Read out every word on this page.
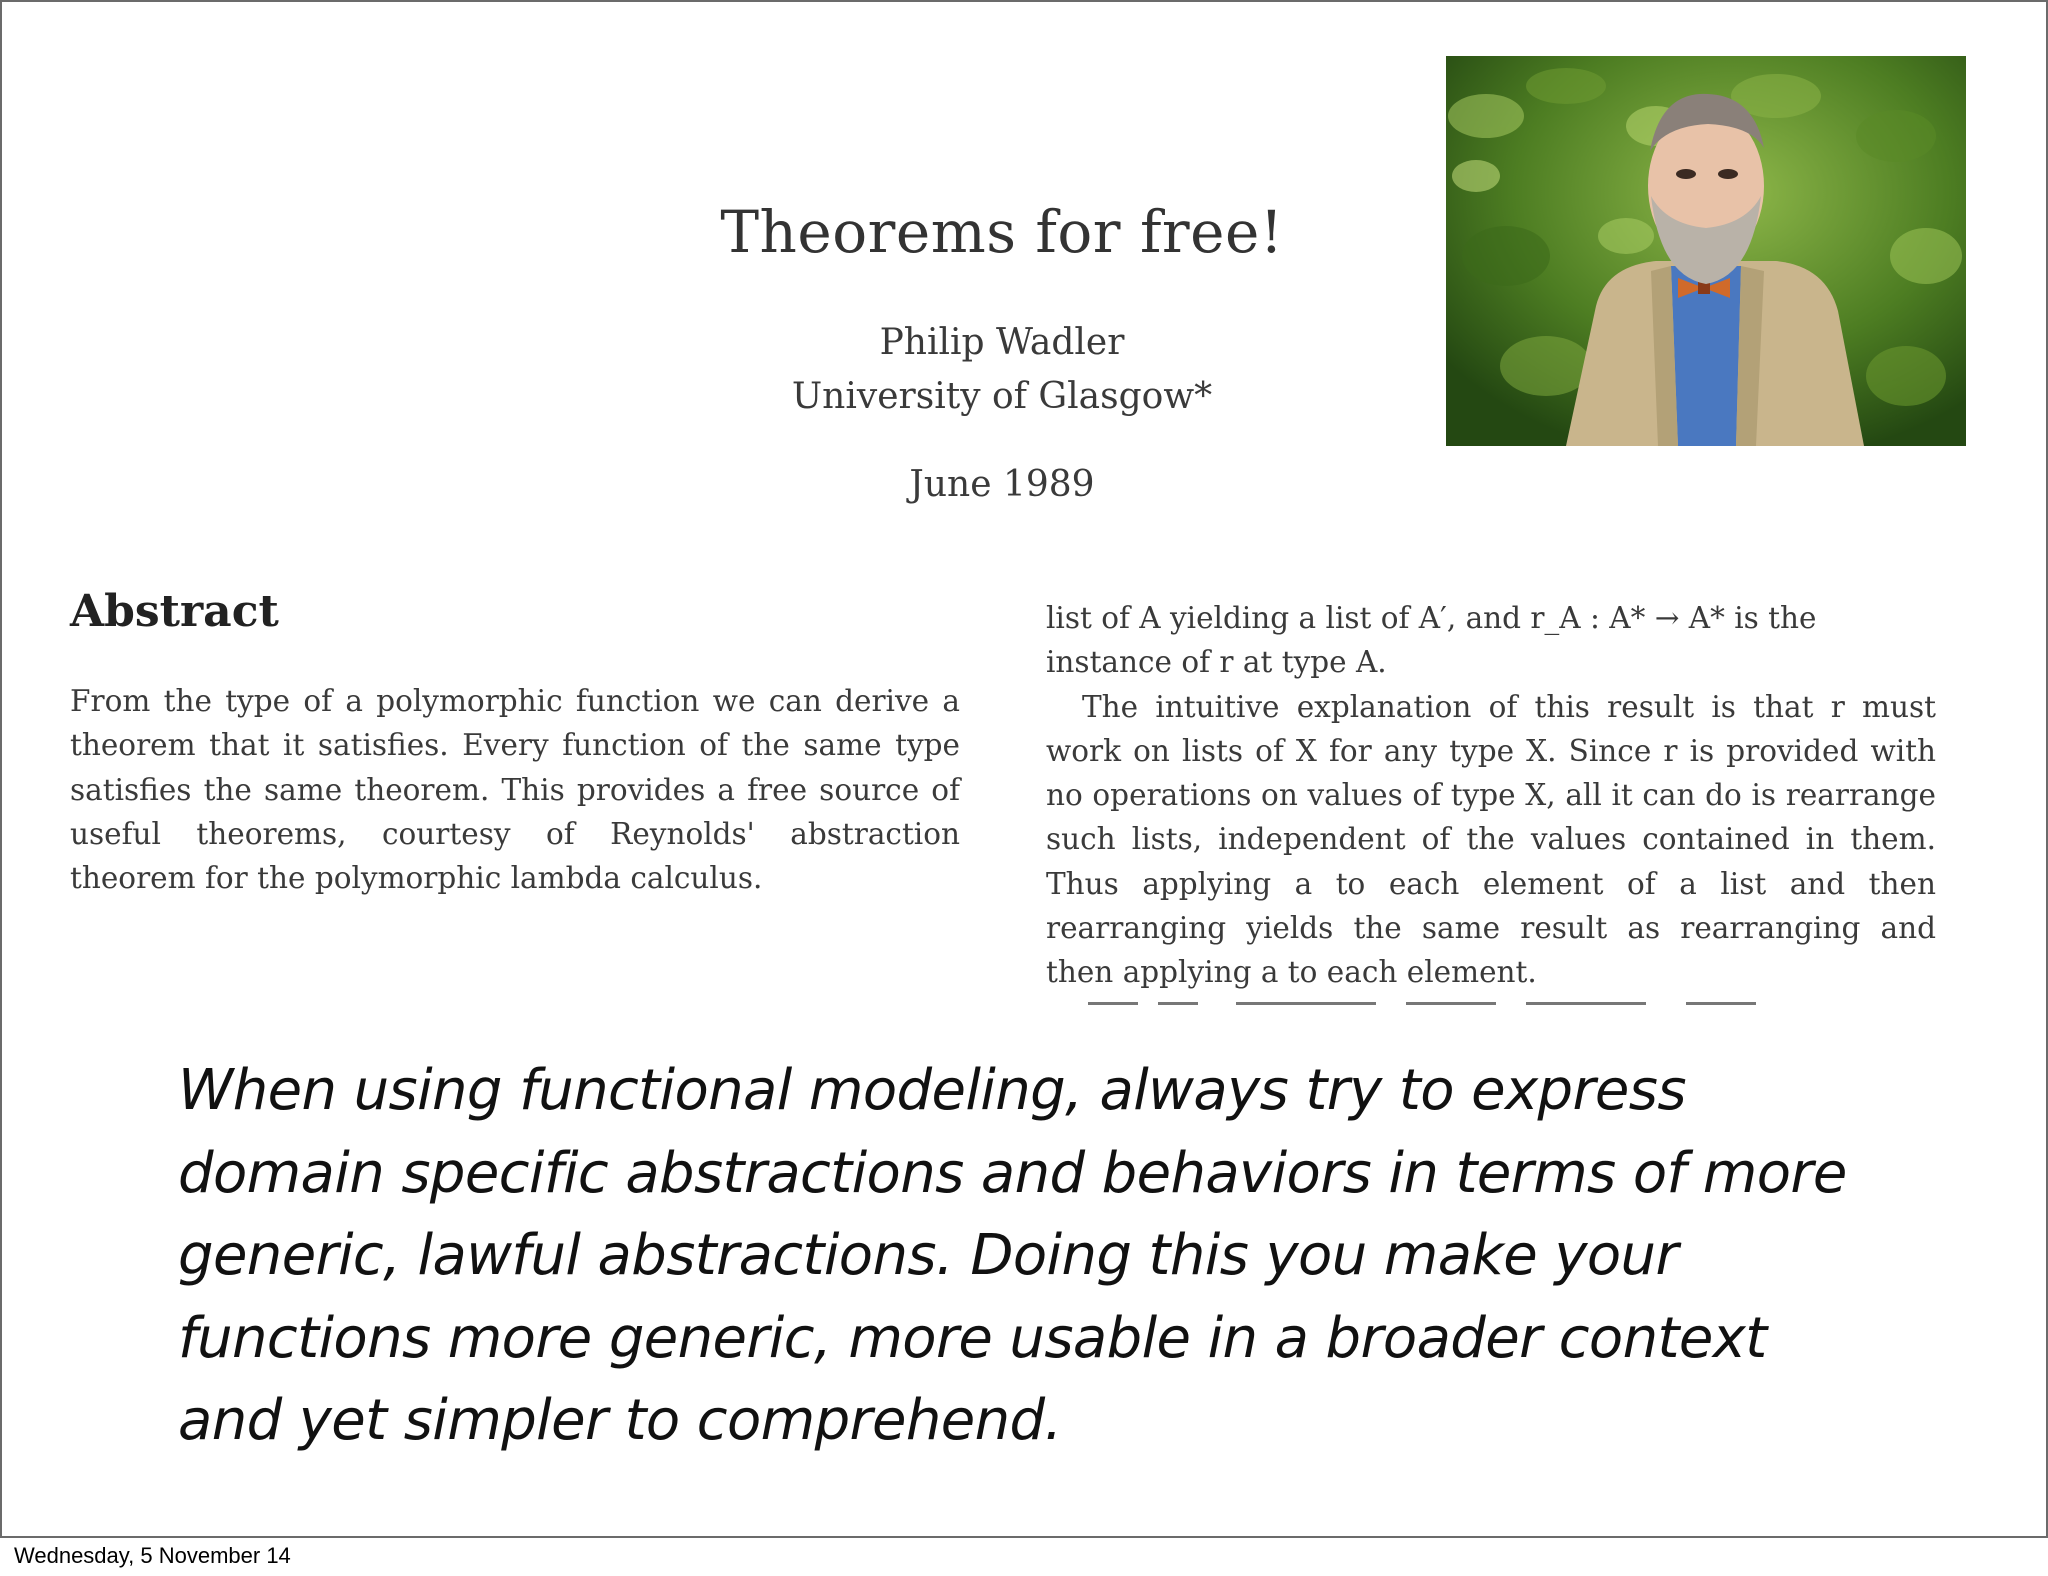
Theorems for free!
Philip Wadler
University of Glasgow*
June 1989
Abstract
From the type of a polymorphic function we can derive a theorem that it satisfies. Every function of the same type satisfies the same theorem. This provides a free source of useful theorems, courtesy of Reynolds' abstraction theorem for the polymorphic lambda calculus.
list of A yielding a list of A′, and r_A : A* → A* is the
instance of r at type A.
The intuitive explanation of this result is that r must work on lists of X for any type X. Since r is provided with no operations on values of type X, all it can do is rearrange such lists, independent of the values contained in them. Thus applying a to each element of a list and then rearranging yields the same result as rearranging and then applying a to each element.
When using functional modeling, always try to express
domain specific abstractions and behaviors in terms of more
generic, lawful abstractions. Doing this you make your
functions more generic, more usable in a broader context
and yet simpler to comprehend.
Wednesday, 5 November 14
